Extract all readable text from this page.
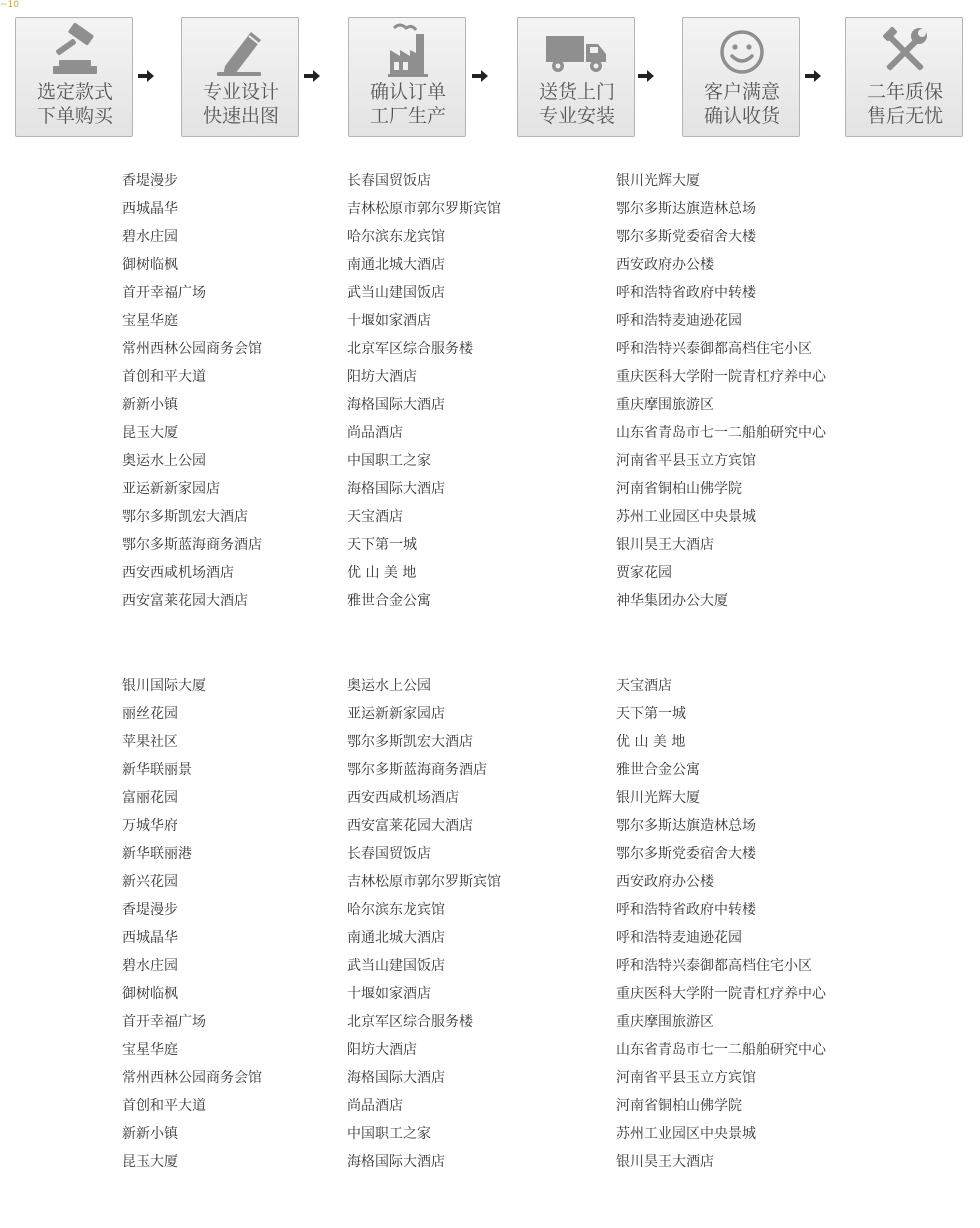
~10
选定款式
下单购买
专业设计
快速出图
确认订单
工厂生产
送货上门
专业安装
客户满意
确认收货
二年质保
售后无忧
香堤漫步
西城晶华
碧水庄园
御树临枫
首开幸福广场
宝星华庭
常州西林公园商务会馆
首创和平大道
新新小镇
昆玉大厦
奥运水上公园
亚运新新家园店
鄂尔多斯凯宏大酒店
鄂尔多斯蓝海商务酒店
西安西咸机场酒店
西安富莱花园大酒店
长春国贸饭店
吉林松原市郭尔罗斯宾馆
哈尔滨东龙宾馆
南通北城大酒店
武当山建国饭店
十堰如家酒店
北京军区综合服务楼
阳坊大酒店
海格国际大酒店
尚品酒店
中国职工之家
海格国际大酒店
天宝酒店
天下第一城
优 山 美 地
雅世合金公寓
银川光辉大厦
鄂尔多斯达旗造林总场
鄂尔多斯党委宿舍大楼
西安政府办公楼
呼和浩特省政府中转楼
呼和浩特麦迪逊花园
呼和浩特兴泰御都高档住宅小区
重庆医科大学附一院青杠疗养中心
重庆摩围旅游区
山东省青岛市七一二船舶研究中心
河南省平县玉立方宾馆
河南省铜柏山佛学院
苏州工业园区中央景城
银川昊王大酒店
贾家花园
神华集团办公大厦
银川国际大厦
丽丝花园
苹果社区
新华联丽景
富丽花园
万城华府
新华联丽港
新兴花园
香堤漫步
西城晶华
碧水庄园
御树临枫
首开幸福广场
宝星华庭
常州西林公园商务会馆
首创和平大道
新新小镇
昆玉大厦
奥运水上公园
亚运新新家园店
鄂尔多斯凯宏大酒店
鄂尔多斯蓝海商务酒店
西安西咸机场酒店
西安富莱花园大酒店
长春国贸饭店
吉林松原市郭尔罗斯宾馆
哈尔滨东龙宾馆
南通北城大酒店
武当山建国饭店
十堰如家酒店
北京军区综合服务楼
阳坊大酒店
海格国际大酒店
尚品酒店
中国职工之家
海格国际大酒店
天宝酒店
天下第一城
优 山 美 地
雅世合金公寓
银川光辉大厦
鄂尔多斯达旗造林总场
鄂尔多斯党委宿舍大楼
西安政府办公楼
呼和浩特省政府中转楼
呼和浩特麦迪逊花园
呼和浩特兴泰御都高档住宅小区
重庆医科大学附一院青杠疗养中心
重庆摩围旅游区
山东省青岛市七一二船舶研究中心
河南省平县玉立方宾馆
河南省铜柏山佛学院
苏州工业园区中央景城
银川昊王大酒店
